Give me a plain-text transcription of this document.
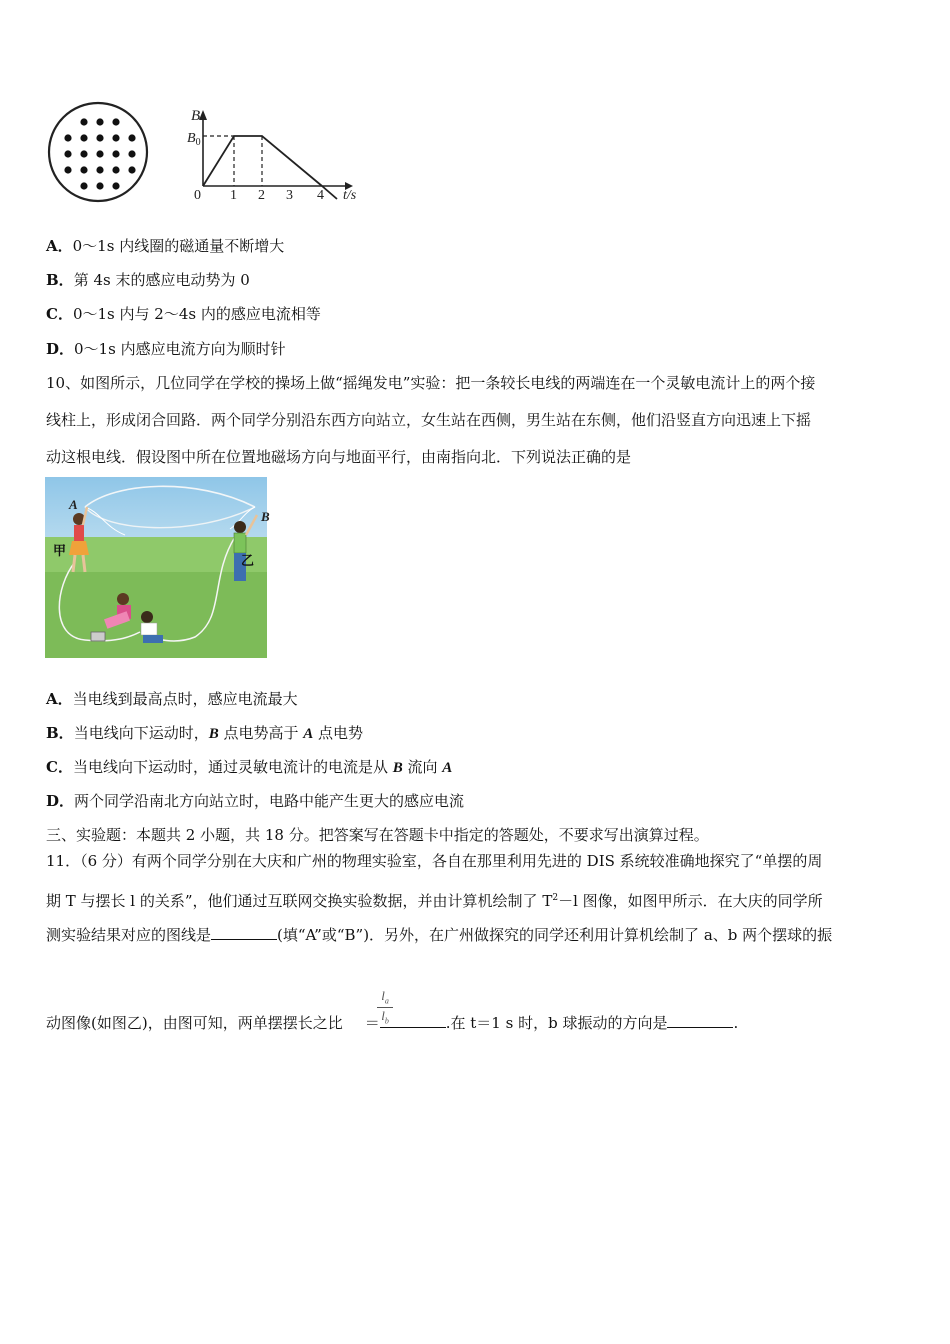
B
$B_0$
0 1 2 3 4 t/s
A．0～1s 内线圈的磁通量不断增大
B．第 4s 末的感应电动势为 0
C．0～1s 内与 2～4s 内的感应电流相等
D．0～1s 内感应电流方向为顺时针
10、如图所示，几位同学在学校的操场上做“摇绳发电”实验：把一条较长电线的两端连在一个灵敏电流计上的两个接
线柱上，形成闭合回路．两个同学分别沿东西方向站立，女生站在西侧，男生站在东侧，他们沿竖直方向迅速上下摇
动这根电线．假设图中所在位置地磁场方向与地面平行，由南指向北．下列说法正确的是
A
B
甲
乙
A．当电线到最高点时，感应电流最大
B．当电线向下运动时，B 点电势高于 A 点电势
C．当电线向下运动时，通过灵敏电流计的电流是从 B 流向 A
D．两个同学沿南北方向站立时，电路中能产生更大的感应电流
三、实验题：本题共 2 小题，共 18 分。把答案写在答题卡中指定的答题处，不要求写出演算过程。
11．（6 分）有两个同学分别在大庆和广州的物理实验室，各自在那里利用先进的 DIS 系统较准确地探究了“单摆的周
期 T 与摆长 l 的关系”，他们通过互联网交换实验数据，并由计算机绘制了 $T^2-l$ 图像，如图甲所示．在大庆的同学所
测实验结果对应的图线是	(填“A”或“B”)．另外，在广州做探究的同学还利用计算机绘制了 a、b 两个摆球的振
$\frac{l_a}{l_b}$
动图像(如图乙)，由图可知，两单摆摆长之比 ＝	.在 t＝1 s 时，b 球振动的方向是	.
